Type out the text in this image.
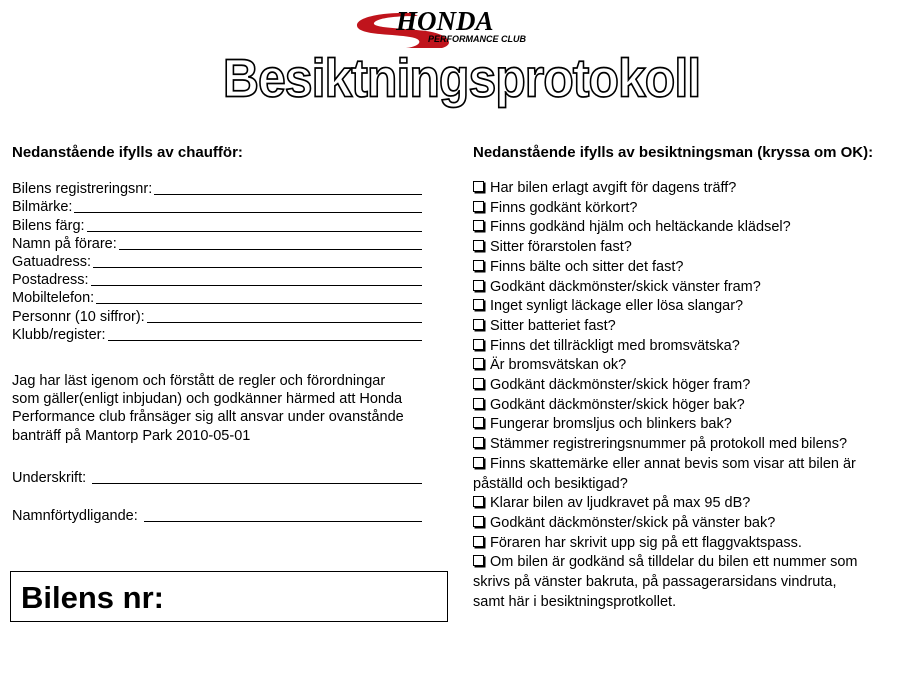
HONDA
PERFORMANCE CLUB
Besiktningsprotokoll
Nedanstående ifylls av chaufför:
Bilens registreringsnr:
Bilmärke:
Bilens färg:
Namn på förare:
Gatuadress:
Postadress:
Mobiltelefon:
Personnr (10 siffror):
Klubb/register:
Jag har läst igenom och förstått de regler och förordningar
som gäller(enligt inbjudan) och godkänner härmed att Honda
Performance club frånsäger sig allt ansvar under ovanstånde
banträff på Mantorp Park 2010-05-01
Underskrift:
Namnförtydligande:
Bilens nr:
Nedanstående ifylls av besiktningsman (kryssa om OK):
Har bilen erlagt avgift för dagens träff?
Finns godkänt körkort?
Finns godkänd hjälm och heltäckande klädsel?
Sitter förarstolen fast?
Finns bälte och sitter det fast?
Godkänt däckmönster/skick vänster fram?
Inget synligt läckage eller lösa slangar?
Sitter batteriet fast?
Finns det tillräckligt med bromsvätska?
Är bromsvätskan ok?
Godkänt däckmönster/skick höger fram?
Godkänt däckmönster/skick höger bak?
Fungerar bromsljus och blinkers bak?
Stämmer registreringsnummer på protokoll med bilens?
Finns skattemärke eller annat bevis som visar att bilen är
påställd och besiktigad?
Klarar bilen av ljudkravet på max 95 dB?
Godkänt däckmönster/skick på vänster bak?
Föraren har skrivit upp sig på ett flaggvaktspass.
Om bilen är godkänd så tilldelar du bilen ett nummer som
skrivs på vänster bakruta, på passagerarsidans vindruta,
samt här i besiktningsprotkollet.
